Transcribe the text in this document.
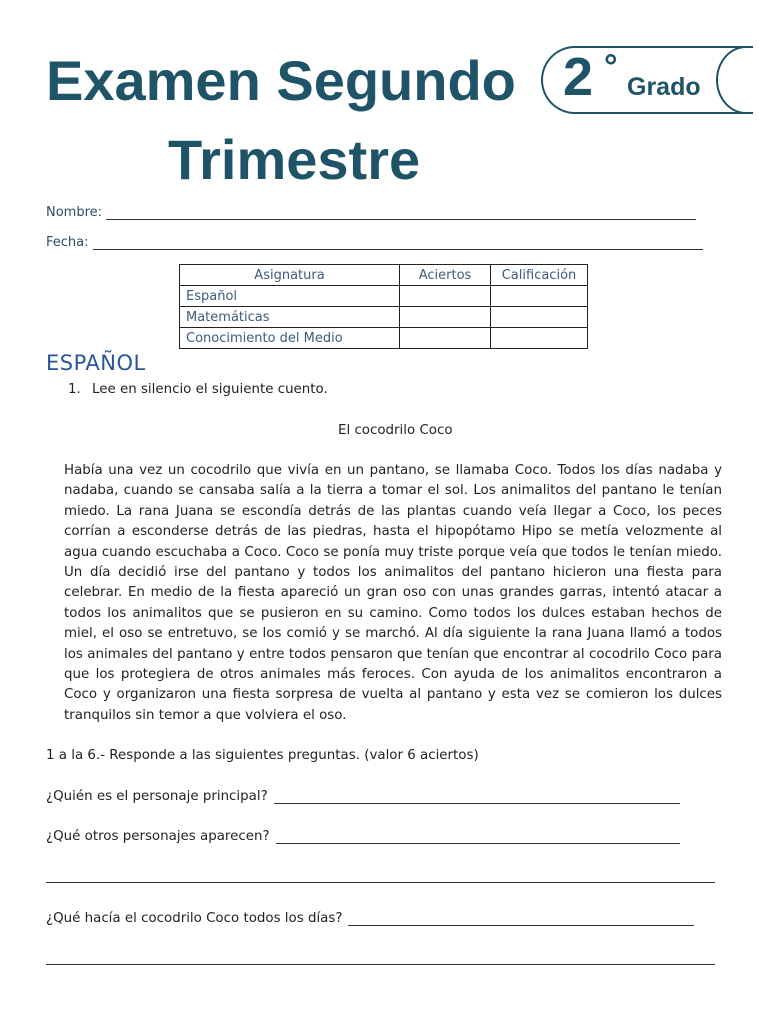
Examen Segundo
Trimestre
2 °
Grado
Nombre:
Fecha:
Asignatura	Aciertos	Calificación
Español		
Matemáticas		
Conocimiento del Medio		
ESPAÑOL
1. Lee en silencio el siguiente cuento.
El cocodrilo Coco
Había una vez un cocodrilo que vivía en un pantano, se llamaba Coco. Todos los días nadaba y nadaba, cuando se cansaba salía a la tierra a tomar el sol. Los animalitos del pantano le tenían miedo. La rana Juana se escondía detrás de las plantas cuando veía llegar a Coco, los peces corrían a esconderse detrás de las piedras, hasta el hipopótamo Hipo se metía velozmente al agua cuando escuchaba a Coco. Coco se ponía muy triste porque veía que todos le tenían miedo. Un día decidió irse del pantano y todos los animalitos del pantano hicieron una fiesta para celebrar. En medio de la fiesta apareció un gran oso con unas grandes garras, intentó atacar a todos los animalitos que se pusieron en su camino. Como todos los dulces estaban hechos de miel, el oso se entretuvo, se los comió y se marchó. Al día siguiente la rana Juana llamó a todos los animales del pantano y entre todos pensaron que tenían que encontrar al cocodrilo Coco para que los protegiera de otros animales más feroces. Con ayuda de los animalitos encontraron a Coco y organizaron una fiesta sorpresa de vuelta al pantano y esta vez se comieron los dulces tranquilos sin temor a que volviera el oso.
1 a la 6.- Responde a las siguientes preguntas. (valor 6 aciertos)
¿Quién es el personaje principal?
¿Qué otros personajes aparecen?
¿Qué hacía el cocodrilo Coco todos los días?
